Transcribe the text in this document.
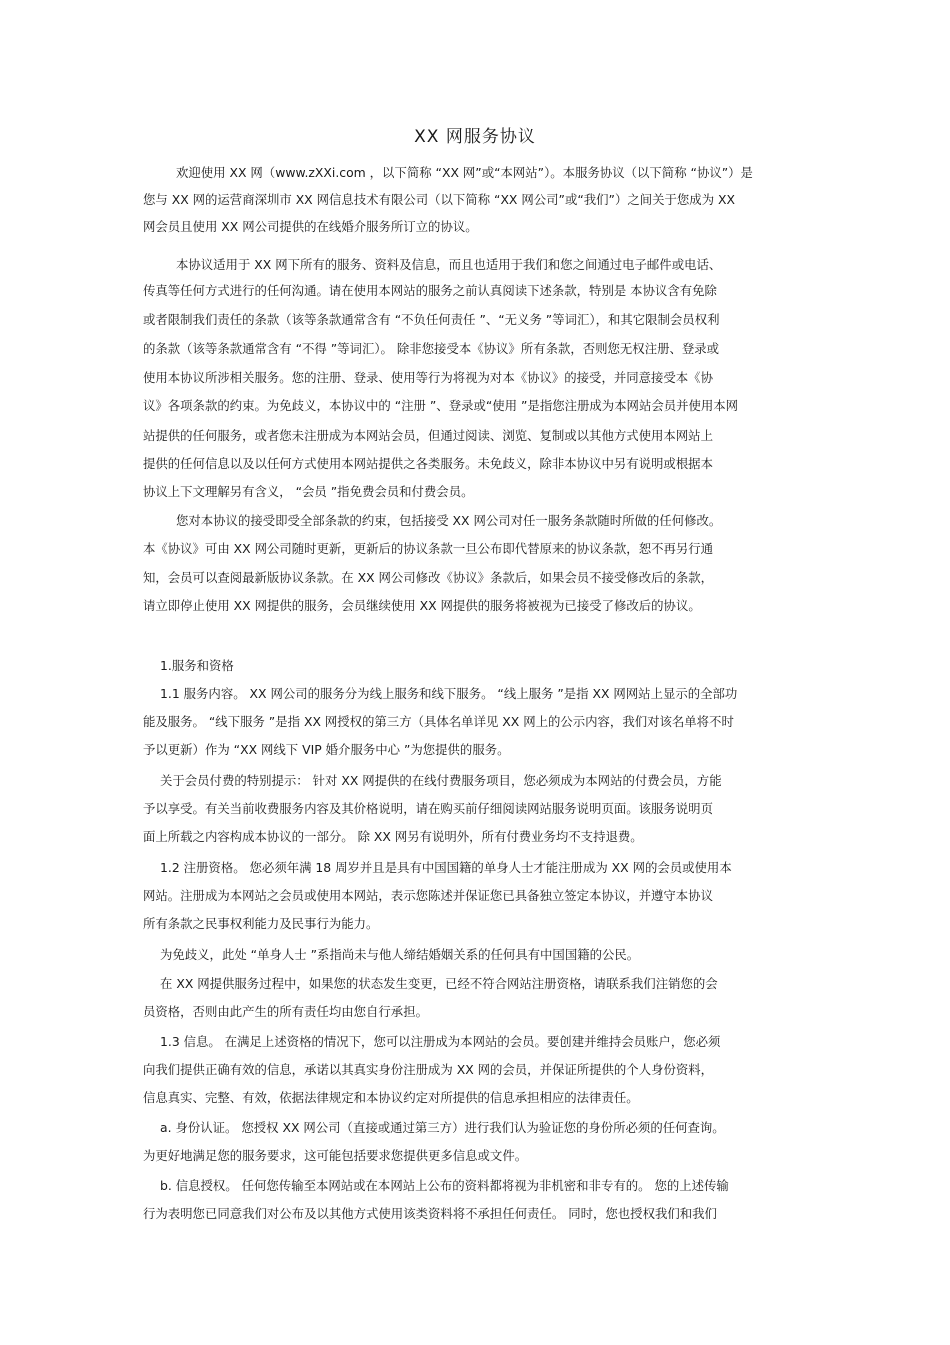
XX 网服务协议
欢迎使用 XX 网（www.zXXi.com ，以下简称 “XX 网”或“本网站”）。本服务协议（以下简称 “协议”）是
您与 XX 网的运营商深圳市 XX 网信息技术有限公司（以下简称 “XX 网公司”或“我们”）之间关于您成为 XX
网会员且使用 XX 网公司提供的在线婚介服务所订立的协议。
本协议适用于 XX 网下所有的服务、资料及信息，而且也适用于我们和您之间通过电子邮件或电话、
传真等任何方式进行的任何沟通。请在使用本网站的服务之前认真阅读下述条款，特别是 本协议含有免除
或者限制我们责任的条款（该等条款通常含有 “不负任何责任 ”、“无义务 ”等词汇），和其它限制会员权利
的条款（该等条款通常含有 “不得 ”等词汇）。 除非您接受本《协议》所有条款，否则您无权注册、登录或
使用本协议所涉相关服务。您的注册、登录、使用等行为将视为对本《协议》的接受，并同意接受本《协
议》各项条款的约束。为免歧义，本协议中的 “注册 ”、登录或“使用 ”是指您注册成为本网站会员并使用本网
站提供的任何服务，或者您未注册成为本网站会员，但通过阅读、浏览、复制或以其他方式使用本网站上
提供的任何信息以及以任何方式使用本网站提供之各类服务。未免歧义，除非本协议中另有说明或根据本
协议上下文理解另有含义， “会员 ”指免费会员和付费会员。
您对本协议的接受即受全部条款的约束，包括接受 XX 网公司对任一服务条款随时所做的任何修改。
本《协议》可由 XX 网公司随时更新，更新后的协议条款一旦公布即代替原来的协议条款，恕不再另行通
知，会员可以查阅最新版协议条款。在 XX 网公司修改《协议》条款后，如果会员不接受修改后的条款，
请立即停止使用 XX 网提供的服务，会员继续使用 XX 网提供的服务将被视为已接受了修改后的协议。
1.服务和资格
1.1 服务内容。 XX 网公司的服务分为线上服务和线下服务。 “线上服务 ”是指 XX 网网站上显示的全部功
能及服务。 “线下服务 ”是指 XX 网授权的第三方（具体名单详见 XX 网上的公示内容，我们对该名单将不时
予以更新）作为 “XX 网线下 VIP 婚介服务中心 ”为您提供的服务。
关于会员付费的特别提示： 针对 XX 网提供的在线付费服务项目，您必须成为本网站的付费会员，方能
予以享受。有关当前收费服务内容及其价格说明，请在购买前仔细阅读网站服务说明页面。该服务说明页
面上所载之内容构成本协议的一部分。 除 XX 网另有说明外，所有付费业务均不支持退费。
1.2 注册资格。 您必须年满 18 周岁并且是具有中国国籍的单身人士才能注册成为 XX 网的会员或使用本
网站。注册成为本网站之会员或使用本网站，表示您陈述并保证您已具备独立签定本协议，并遵守本协议
所有条款之民事权利能力及民事行为能力。
为免歧义，此处 “单身人士 ”系指尚未与他人缔结婚姻关系的任何具有中国国籍的公民。
在 XX 网提供服务过程中，如果您的状态发生变更，已经不符合网站注册资格，请联系我们注销您的会
员资格，否则由此产生的所有责任均由您自行承担。
1.3 信息。 在满足上述资格的情况下，您可以注册成为本网站的会员。要创建并维持会员账户，您必须
向我们提供正确有效的信息，承诺以其真实身份注册成为 XX 网的会员，并保证所提供的个人身份资料，
信息真实、完整、有效，依据法律规定和本协议约定对所提供的信息承担相应的法律责任。
a. 身份认证。 您授权 XX 网公司（直接或通过第三方）进行我们认为验证您的身份所必须的任何查询。
为更好地满足您的服务要求，这可能包括要求您提供更多信息或文件。
b. 信息授权。 任何您传输至本网站或在本网站上公布的资料都将视为非机密和非专有的。 您的上述传输
行为表明您已同意我们对公布及以其他方式使用该类资料将不承担任何责任。 同时，您也授权我们和我们
